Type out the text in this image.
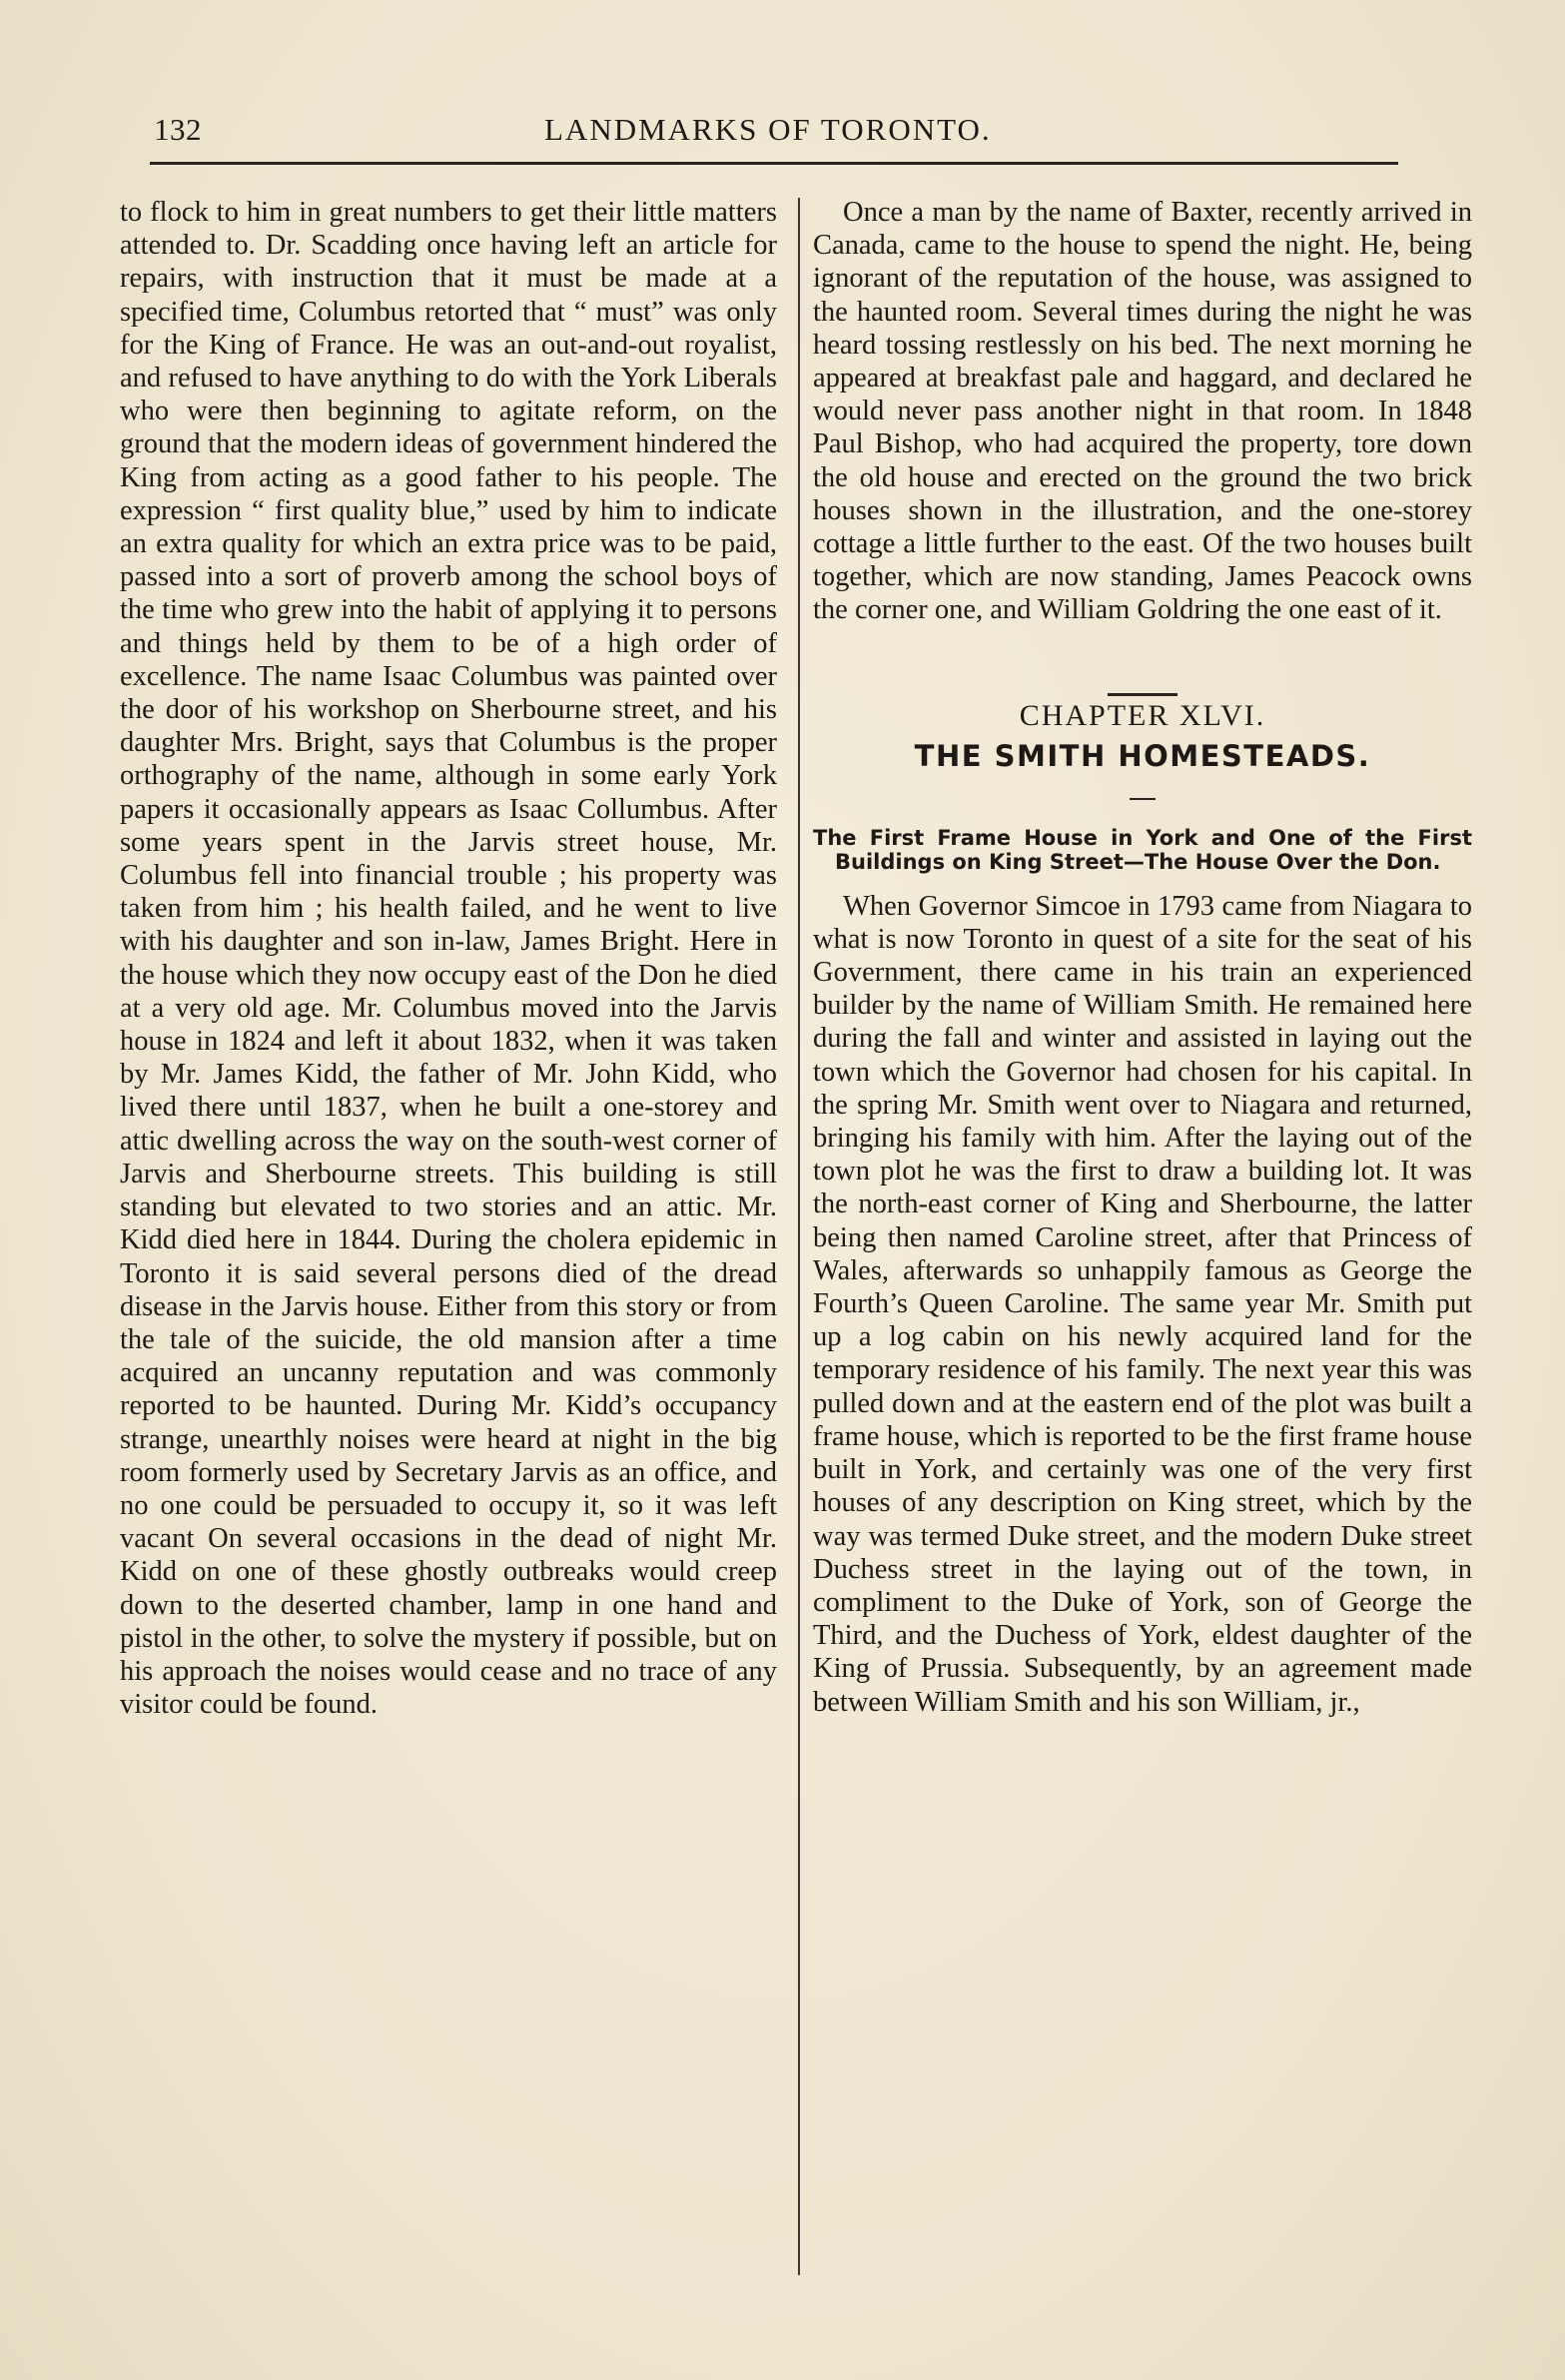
132	LANDMARKS OF TORONTO.

to flock to him in great numbers to get their little matters attended to. Dr. Scadding once having left an article for repairs, with instruction that it must be made at a specified time, Columbus retorted that “ must” was only for the King of France. He was an out-and-out royalist, and refused to have anything to do with the York Liberals who were then beginning to agitate reform, on the ground that the modern ideas of government hindered the King from acting as a good father to his people. The expression “ first quality blue,” used by him to indicate an extra quality for which an extra price was to be paid, passed into a sort of proverb among the school boys of the time who grew into the habit of applying it to persons and things held by them to be of a high order of excellence. The name Isaac Columbus was painted over the door of his workshop on Sherbourne street, and his daughter Mrs. Bright, says that Columbus is the proper orthography of the name, although in some early York papers it occasionally appears as Isaac Collumbus. After some years spent in the Jarvis street house, Mr. Columbus fell into financial trouble ; his property was taken from him ; his health failed, and he went to live with his daughter and son in-law, James Bright. Here in the house which they now occupy east of the Don he died at a very old age. Mr. Columbus moved into the Jarvis house in 1824 and left it about 1832, when it was taken by Mr. James Kidd, the father of Mr. John Kidd, who lived there until 1837, when he built a one-storey and attic dwelling across the way on the south-west corner of Jarvis and Sherbourne streets. This building is still standing but elevated to two stories and an attic. Mr. Kidd died here in 1844. During the cholera epidemic in Toronto it is said several persons died of the dread disease in the Jarvis house. Either from this story or from the tale of the suicide, the old mansion after a time acquired an uncanny reputation and was commonly reported to be haunted. During Mr. Kidd’s occupancy strange, unearthly noises were heard at night in the big room formerly used by Secretary Jarvis as an office, and no one could be persuaded to occupy it, so it was left vacant On several occasions in the dead of night Mr. Kidd on one of these ghostly outbreaks would creep down to the deserted chamber, lamp in one hand and pistol in the other, to solve the mystery if possible, but on his approach the noises would cease and no trace of any visitor could be found.

Once a man by the name of Baxter, recently arrived in Canada, came to the house to spend the night. He, being ignorant of the reputation of the house, was assigned to the haunted room. Several times during the night he was heard tossing restlessly on his bed. The next morning he appeared at breakfast pale and haggard, and declared he would never pass another night in that room. In 1848 Paul Bishop, who had acquired the property, tore down the old house and erected on the ground the two brick houses shown in the illustration, and the one-storey cottage a little further to the east. Of the two houses built together, which are now standing, James Peacock owns the corner one, and William Goldring the one east of it.

CHAPTER XLVI.

THE SMITH HOMESTEADS.

The First Frame House in York and One of the First Buildings on King Street—The House Over the Don.

When Governor Simcoe in 1793 came from Niagara to what is now Toronto in quest of a site for the seat of his Government, there came in his train an experienced builder by the name of William Smith. He remained here during the fall and winter and assisted in laying out the town which the Governor had chosen for his capital. In the spring Mr. Smith went over to Niagara and returned, bringing his family with him. After the laying out of the town plot he was the first to draw a building lot. It was the north-east corner of King and Sherbourne, the latter being then named Caroline street, after that Princess of Wales, afterwards so unhappily famous as George the Fourth’s Queen Caroline. The same year Mr. Smith put up a log cabin on his newly acquired land for the temporary residence of his family. The next year this was pulled down and at the eastern end of the plot was built a frame house, which is reported to be the first frame house built in York, and certainly was one of the very first houses of any description on King street, which by the way was termed Duke street, and the modern Duke street Duchess street in the laying out of the town, in compliment to the Duke of York, son of George the Third, and the Duchess of York, eldest daughter of the King of Prussia. Subsequently, by an agreement made between William Smith and his son William, jr.,
